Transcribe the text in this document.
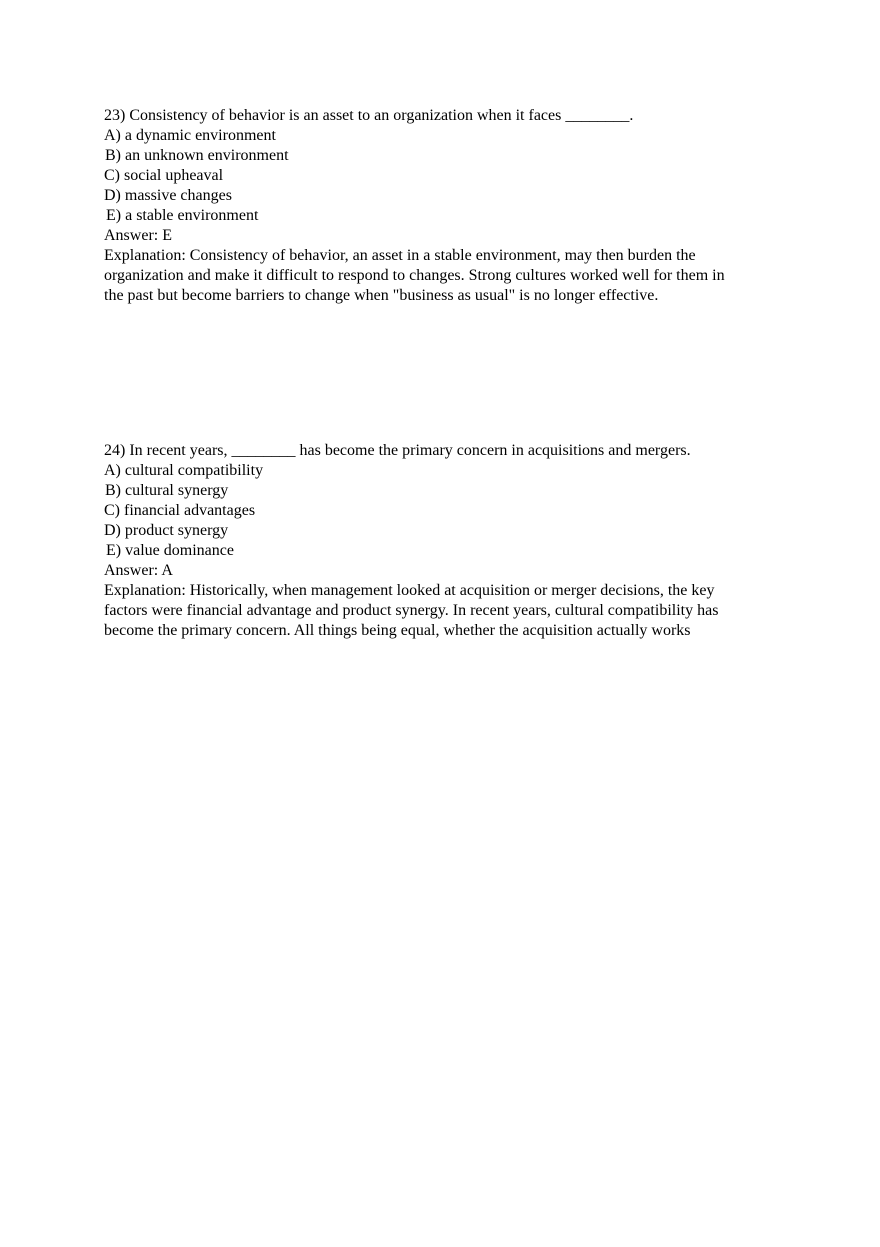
23) Consistency of behavior is an asset to an organization when it faces ________.
A) a dynamic environment
B) an unknown environment
C) social upheaval
D) massive changes
E) a stable environment
Answer: E
Explanation: Consistency of behavior, an asset in a stable environment, may then burden the
organization and make it difficult to respond to changes. Strong cultures worked well for them in
the past but become barriers to change when "business as usual" is no longer effective.
24) In recent years, ________ has become the primary concern in acquisitions and mergers.
A) cultural compatibility
B) cultural synergy
C) financial advantages
D) product synergy
E) value dominance
Answer: A
Explanation: Historically, when management looked at acquisition or merger decisions, the key
factors were financial advantage and product synergy. In recent years, cultural compatibility has
become the primary concern. All things being equal, whether the acquisition actually works
